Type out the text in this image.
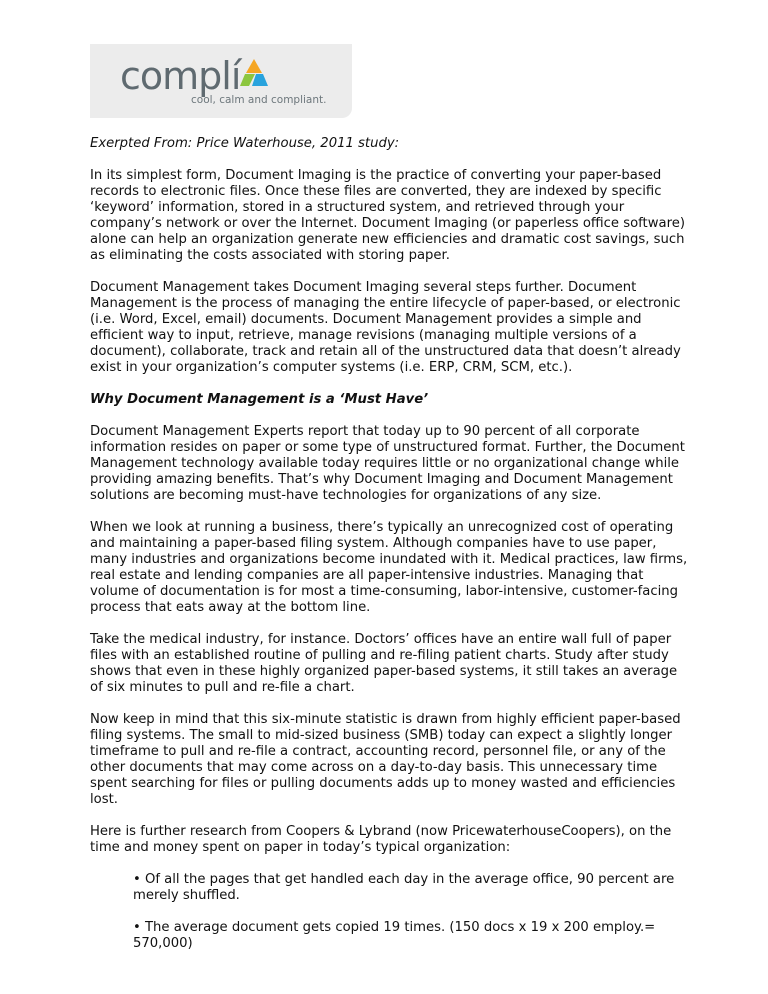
complí
cool, calm and compliant.

Exerpted From: Price Waterhouse, 2011 study:

In its simplest form, Document Imaging is the practice of converting your paper-based records to electronic files. Once these files are converted, they are indexed by specific ‘keyword’ information, stored in a structured system, and retrieved through your company’s network or over the Internet. Document Imaging (or paperless office software) alone can help an organization generate new efficiencies and dramatic cost savings, such as eliminating the costs associated with storing paper.

Document Management takes Document Imaging several steps further. Document Management is the process of managing the entire lifecycle of paper-based, or electronic (i.e. Word, Excel, email) documents. Document Management provides a simple and efficient way to input, retrieve, manage revisions (managing multiple versions of a document), collaborate, track and retain all of the unstructured data that doesn’t already exist in your organization’s computer systems (i.e. ERP, CRM, SCM, etc.).

Why Document Management is a ‘Must Have’

Document Management Experts report that today up to 90 percent of all corporate information resides on paper or some type of unstructured format. Further, the Document Management technology available today requires little or no organizational change while providing amazing benefits. That’s why Document Imaging and Document Management solutions are becoming must-have technologies for organizations of any size.

When we look at running a business, there’s typically an unrecognized cost of operating and maintaining a paper-based filing system. Although companies have to use paper, many industries and organizations become inundated with it. Medical practices, law firms, real estate and lending companies are all paper-intensive industries. Managing that volume of documentation is for most a time-consuming, labor-intensive, customer-facing process that eats away at the bottom line.

Take the medical industry, for instance. Doctors’ offices have an entire wall full of paper files with an established routine of pulling and re-filing patient charts. Study after study shows that even in these highly organized paper-based systems, it still takes an average of six minutes to pull and re-file a chart.

Now keep in mind that this six-minute statistic is drawn from highly efficient paper-based filing systems. The small to mid-sized business (SMB) today can expect a slightly longer timeframe to pull and re-file a contract, accounting record, personnel file, or any of the other documents that may come across on a day-to-day basis. This unnecessary time spent searching for files or pulling documents adds up to money wasted and efficiencies lost.

Here is further research from Coopers & Lybrand (now PricewaterhouseCoopers), on the time and money spent on paper in today’s typical organization:

• Of all the pages that get handled each day in the average office, 90 percent are merely shuffled.

• The average document gets copied 19 times. (150 docs x 19 x 200 employ.= 570,000)
